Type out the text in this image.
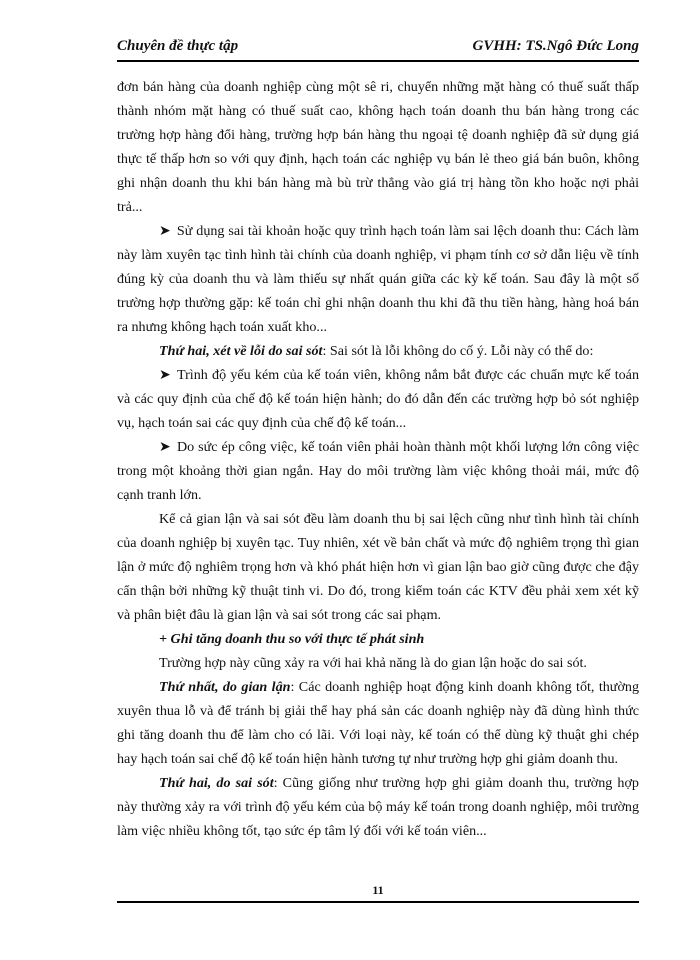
Chuyên đề thực tập	GVHH: TS.Ngô Đức Long

đơn bán hàng của doanh nghiệp cùng một sê ri, chuyển những mặt hàng có thuế suất thấp thành nhóm mặt hàng có thuế suất cao, không hạch toán doanh thu bán hàng trong các trường hợp hàng đổi hàng, trường hợp bán hàng thu ngoại tệ doanh nghiệp đã sử dụng giá thực tế thấp hơn so với quy định, hạch toán các nghiệp vụ bán lẻ theo giá bán buôn, không ghi nhận doanh thu khi bán hàng mà bù trừ thẳng vào giá trị hàng tồn kho hoặc nợi phải trả...

➤ Sử dụng sai tài khoản hoặc quy trình hạch toán làm sai lệch doanh thu: Cách làm này làm xuyên tạc tình hình tài chính của doanh nghiệp, vi phạm tính cơ sở dẫn liệu về tính đúng kỳ của doanh thu và làm thiếu sự nhất quán giữa các kỳ kế toán. Sau đây là một số trường hợp thường gặp: kế toán chỉ ghi nhận doanh thu khi đã thu tiền hàng, hàng hoá bán ra nhưng không hạch toán xuất kho...

Thứ hai, xét về lỗi do sai sót: Sai sót là lỗi không do cố ý. Lỗi này có thể do:

➤ Trình độ yếu kém của kế toán viên, không nắm bắt được các chuẩn mực kế toán và các quy định của chế độ kế toán hiện hành; do đó dẫn đến các trường hợp bỏ sót nghiệp vụ, hạch toán sai các quy định của chế độ kế toán...

➤ Do sức ép công việc, kế toán viên phải hoàn thành một khối lượng lớn công việc trong một khoảng thời gian ngắn. Hay do môi trường làm việc không thoải mái, mức độ cạnh tranh lớn.

Kể cả gian lận và sai sót đều làm doanh thu bị sai lệch cũng như tình hình tài chính của doanh nghiệp bị xuyên tạc. Tuy nhiên, xét về bản chất và mức độ nghiêm trọng thì gian lận ở mức độ nghiêm trọng hơn và khó phát hiện hơn vì gian lận bao giờ cũng được che đậy cẩn thận bởi những kỹ thuật tinh vi. Do đó, trong kiểm toán các KTV đều phải xem xét kỹ và phân biệt đâu là gian lận và sai sót trong các sai phạm.

+ Ghi tăng doanh thu so với thực tế phát sinh

Trường hợp này cũng xảy ra với hai khả năng là do gian lận hoặc do sai sót.

Thứ nhất, do gian lận: Các doanh nghiệp hoạt động kinh doanh không tốt, thường xuyên thua lỗ và để tránh bị giải thể hay phá sản các doanh nghiệp này đã dùng hình thức ghi tăng doanh thu để làm cho có lãi. Với loại này, kế toán có thể dùng kỹ thuật ghi chép hay hạch toán sai chế độ kế toán hiện hành tương tự như trường hợp ghi giảm doanh thu.

Thứ hai, do sai sót: Cũng giống như trường hợp ghi giảm doanh thu, trường hợp này thường xảy ra với trình độ yếu kém của bộ máy kế toán trong doanh nghiệp, môi trường làm việc nhiều không tốt, tạo sức ép tâm lý đối với kế toán viên...

11
